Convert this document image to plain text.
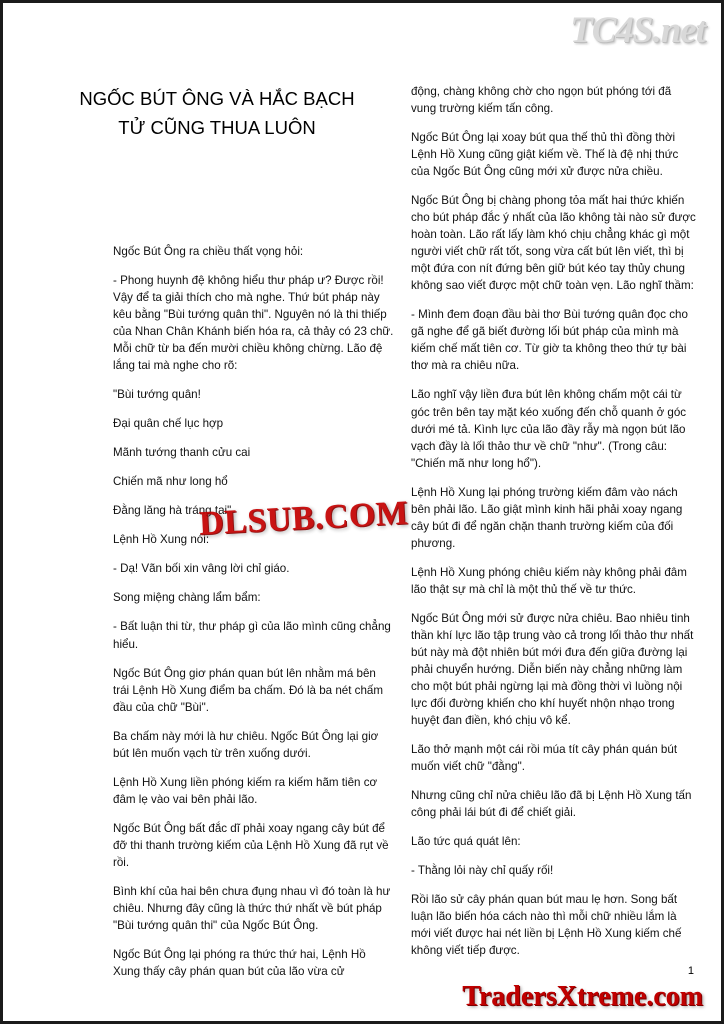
TC4S.net
NGỐC BÚT ÔNG VÀ HẮC BẠCH TỬ CŨNG THUA LUÔN
DLSUB.COM

Ngốc Bút Ông ra chiều thất vọng hỏi:

- Phong huynh đệ không hiểu thư pháp ư? Được rồi! Vậy để ta giải thích cho mà nghe. Thứ bút pháp này kêu bằng "Bùi tướng quân thi". Nguyên nó là thi thiếp của Nhan Chân Khánh biến hóa ra, cả thảy có 23 chữ. Mỗi chữ từ ba đến mười chiều không chừng. Lão đệ lắng tai mà nghe cho rõ:

"Bùi tướng quân!

Đại quân chế lục hợp

Mãnh tướng thanh cửu cai

Chiến mã như long hổ

Đằng lăng hà tráng tai"

Lệnh Hồ Xung nói:

- Dạ! Vãn bối xin vâng lời chỉ giáo.

Song miệng chàng lẩm bẩm:

- Bất luận thi từ, thư pháp gì của lão mình cũng chẳng hiểu.

Ngốc Bút Ông giơ phán quan bút lên nhằm má bên trái Lệnh Hồ Xung điểm ba chấm. Đó là ba nét chấm đầu của chữ "Bùi".

Ba chấm này mới là hư chiêu. Ngốc Bút Ông lại giơ bút lên muốn vạch từ trên xuống dưới.

Lệnh Hồ Xung liền phóng kiếm ra kiếm hãm tiên cơ đâm lẹ vào vai bên phải lão.

Ngốc Bút Ông bất đắc dĩ phải xoay ngang cây bút để đỡ thi thanh trường kiếm của Lệnh Hồ Xung đã rụt về rồi.

Bình khí của hai bên chưa đụng nhau vì đó toàn là hư chiêu. Nhưng đây cũng là thức thứ nhất về bút pháp "Bùi tướng quân thi" của Ngốc Bút Ông.

Ngốc Bút Ông lại phóng ra thức thứ hai, Lệnh Hồ Xung thấy cây phán quan bút của lão vừa cử

động, chàng không chờ cho ngọn bút phóng tới đã vung trường kiếm tấn công.

Ngốc Bút Ông lại xoay bút qua thế thủ thì đồng thời Lệnh Hồ Xung cũng giật kiếm về. Thế là đệ nhị thức của Ngốc Bút Ông cũng mới xử được nửa chiều.

Ngốc Bút Ông bị chàng phong tỏa mất hai thức khiến cho bút pháp đắc ý nhất của lão không tài nào sử được hoàn toàn. Lão rất lấy làm khó chịu chẳng khác gì một người viết chữ rất tốt, song vừa cất bút lên viết, thì bị một đứa con nít đứng bên giữ bút kéo tay thủy chung không sao viết được một chữ toàn vẹn. Lão nghĩ thầm:

- Mình đem đoạn đầu bài thơ Bùi tướng quân đọc cho gã nghe để gã biết đường lối bút pháp của mình mà kiếm chế mất tiên cơ. Từ giờ ta không theo thứ tự bài thơ mà ra chiêu nữa.

Lão nghĩ vậy liền đưa bút lên không chấm một cái từ góc trên bên tay mặt kéo xuống đến chỗ quanh ở góc dưới mé tả. Kình lực của lão đầy rẫy mà ngọn bút lão vạch đầy là lối thảo thư về chữ "như". (Trong câu: "Chiến mã như long hổ").

Lệnh Hồ Xung lại phóng trường kiếm đâm vào nách bên phải lão. Lão giật mình kinh hãi phải xoay ngang cây bút đi để ngăn chặn thanh trường kiếm của đối phương.

Lệnh Hồ Xung phóng chiêu kiếm này không phải đâm lão thật sự mà chỉ là một thủ thế về tư thức.

Ngốc Bút Ông mới sử được nửa chiêu. Bao nhiêu tinh thần khí lực lão tập trung vào cả trong lối thảo thư nhất bút này mà đột nhiên bút mới đưa đến giữa đường lại phải chuyển hướng. Diễn biến này chẳng những làm cho một bút phải ngừng lại mà đồng thời vì luồng nội lực đối đường khiến cho khí huyết nhộn nhạo trong huyệt đan điền, khó chịu vô kể.

Lão thở mạnh một cái rồi múa tít cây phán quán bút muốn viết chữ "đằng".

Nhưng cũng chỉ nửa chiêu lão đã bị Lệnh Hồ Xung tấn công phải lái bút đi để chiết giải.

Lão tức quá quát lên:

- Thằng lỏi này chỉ quấy rối!

Rồi lão sử cây phán quan bút mau lẹ hơn. Song bất luận lão biến hóa cách nào thì mỗi chữ nhiều lắm là mới viết được hai nét liền bị Lệnh Hồ Xung kiếm chế không viết tiếp được.

1
TradersXtreme.com
